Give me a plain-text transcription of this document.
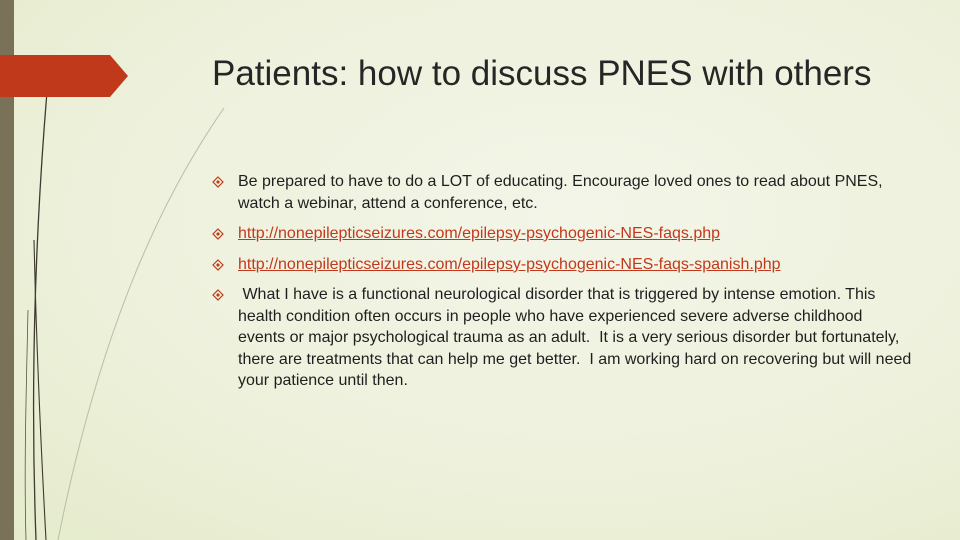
Patients: how to discuss PNES with others
Be prepared to have to do a LOT of educating. Encourage loved ones to read about PNES, watch a webinar, attend a conference, etc.
http://nonepilepticseizures.com/epilepsy-psychogenic-NES-faqs.php
http://nonepilepticseizures.com/epilepsy-psychogenic-NES-faqs-spanish.php
What I have is a functional neurological disorder that is triggered by intense emotion. This health condition often occurs in people who have experienced severe adverse childhood events or major psychological trauma as an adult.  It is a very serious disorder but fortunately, there are treatments that can help me get better.  I am working hard on recovering but will need your patience until then.
